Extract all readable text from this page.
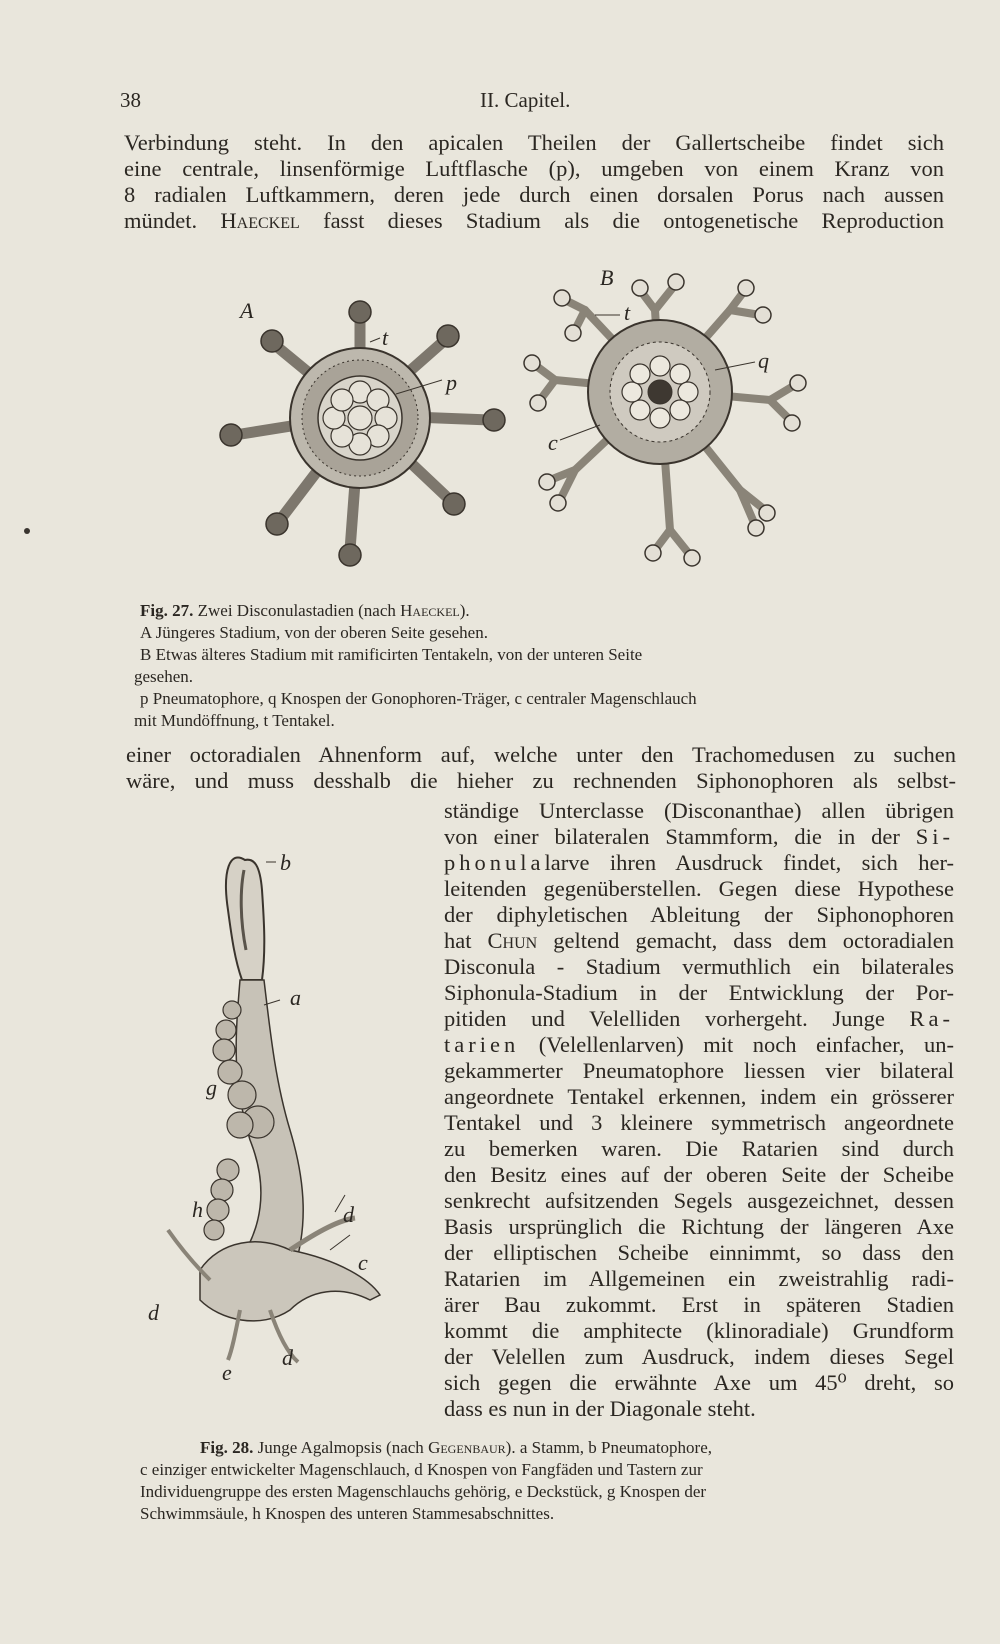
38	II. Capitel.
Verbindung steht. In den apicalen Theilen der Gallertscheibe findet sich
eine centrale, linsenförmige Luftflasche (p), umgeben von einem Kranz von
8 radialen Luftkammern, deren jede durch einen dorsalen Porus nach aussen
mündet. Haeckel fasst dieses Stadium als die ontogenetische Reproduction
A
B
t
p
t
q
c
Fig. 27. Zwei Disconulastadien (nach Haeckel).
A Jüngeres Stadium, von der oberen Seite gesehen.
B Etwas älteres Stadium mit ramificirten Tentakeln, von der unteren Seite
gesehen.
p Pneumatophore, q Knospen der Gonophoren-Träger, c centraler Magenschlauch
mit Mundöffnung, t Tentakel.
einer octoradialen Ahnenform auf, welche unter den Trachomedusen zu suchen
wäre, und muss desshalb die hieher zu rechnenden Siphonophoren als selbst-
b
a
g
h	d
c
d
e
d
ständige Unterclasse (Disconanthae) allen übrigen
von einer bilateralen Stammform, die in der Si-
phonulalarve ihren Ausdruck findet, sich her-
leitenden gegenüberstellen. Gegen diese Hypothese
der diphyletischen Ableitung der Siphonophoren
hat Chun geltend gemacht, dass dem octoradialen
Disconula - Stadium vermuthlich ein bilaterales
Siphonula-Stadium in der Entwicklung der Por-
pitiden und Velelliden vorhergeht. Junge Ra-
tarien (Velellenlarven) mit noch einfacher, un-
gekammerter Pneumatophore liessen vier bilateral
angeordnete Tentakel erkennen, indem ein grösserer
Tentakel und 3 kleinere symmetrisch angeordnete
zu bemerken waren. Die Ratarien sind durch
den Besitz eines auf der oberen Seite der Scheibe
senkrecht aufsitzenden Segels ausgezeichnet, dessen
Basis ursprünglich die Richtung der längeren Axe
der elliptischen Scheibe einnimmt, so dass den
Ratarien im Allgemeinen ein zweistrahlig radi-
ärer Bau zukommt. Erst in späteren Stadien
kommt die amphitecte (klinoradiale) Grundform
der Velellen zum Ausdruck, indem dieses Segel
sich gegen die erwähnte Axe um 45⁰ dreht, so
dass es nun in der Diagonale steht.
Fig. 28. Junge Agalmopsis (nach Gegenbaur). a Stamm, b Pneumatophore,
c einziger entwickelter Magenschlauch, d Knospen von Fangfäden und Tastern zur
Individuengruppe des ersten Magenschlauchs gehörig, e Deckstück, g Knospen der
Schwimmsäule, h Knospen des unteren Stammesabschnittes.
